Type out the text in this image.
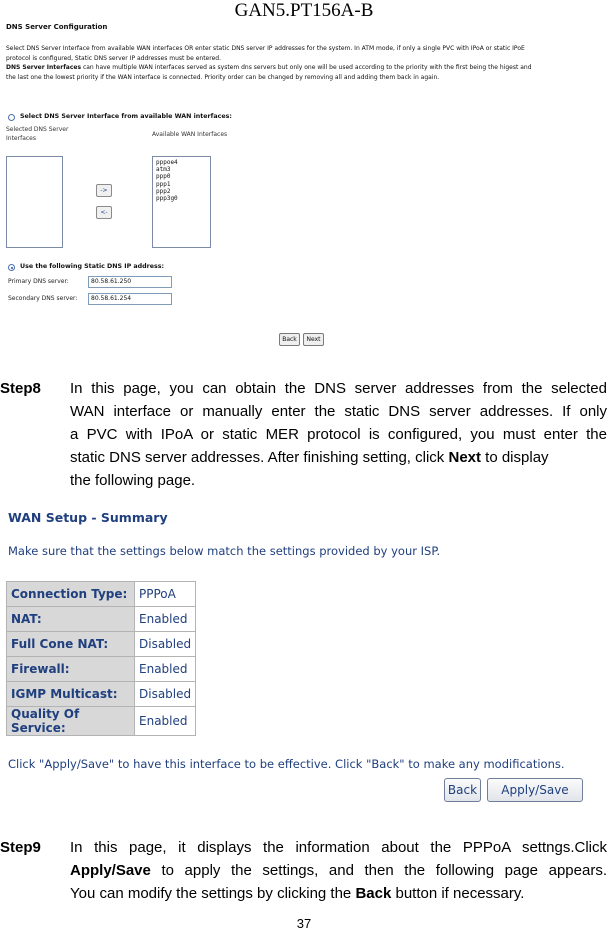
GAN5.PT156A-B
DNS Server Configuration
Select DNS Server Interface from available WAN interfaces OR enter static DNS server IP addresses for the system. In ATM mode, if only a single PVC with IPoA or static IPoE
protocol is configured, Static DNS server IP addresses must be entered.
DNS Server Interfaces can have multiple WAN interfaces served as system dns servers but only one will be used according to the priority with the first being the higest and
the last one the lowest priority if the WAN interface is connected. Priority order can be changed by removing all and adding them back in again.
Select DNS Server Interface from available WAN interfaces:
Selected DNS Server
Interfaces
Available WAN Interfaces
->
<-
pppoe4
atm3
ppp0
ppp1
ppp2
ppp3g0
Use the following Static DNS IP address:
Primary DNS server:	80.58.61.250
Secondary DNS server:	80.58.61.254
Back	Next
Step8 In this page, you can obtain the DNS server addresses from the selected
WAN interface or manually enter the static DNS server addresses. If only
a PVC with IPoA or static MER protocol is configured, you must enter the
static DNS server addresses. After finishing setting, click Next to display
the following page.
WAN Setup - Summary
Make sure that the settings below match the settings provided by your ISP.
Connection Type:	PPPoA
NAT:	Enabled
Full Cone NAT:	Disabled
Firewall:	Enabled
IGMP Multicast:	Disabled
Quality Of Service:	Enabled
Click "Apply/Save" to have this interface to be effective. Click "Back" to make any modifications.
Back	Apply/Save
Step9 In this page, it displays the information about the PPPoA settngs.Click
Apply/Save to apply the settings, and then the following page appears.
You can modify the settings by clicking the Back button if necessary.
37
